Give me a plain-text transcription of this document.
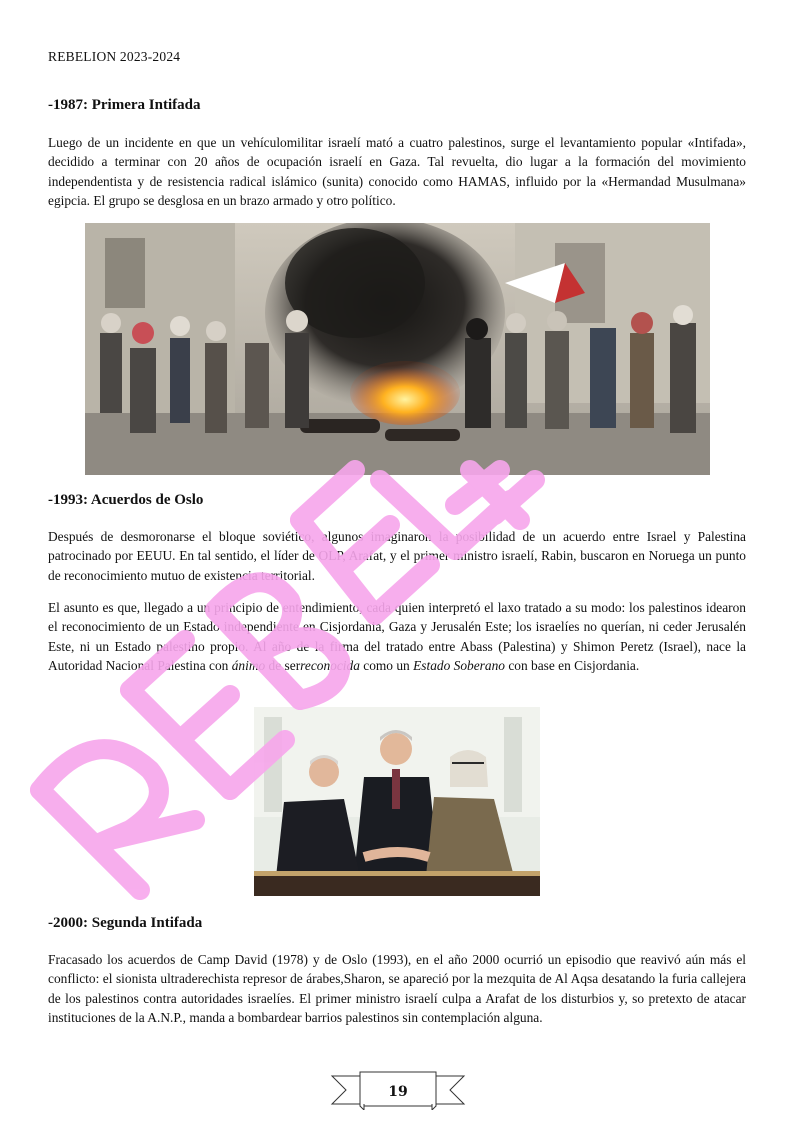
REBELION 2023-2024
-1987: Primera Intifada

Luego de un incidente en que un vehículomilitar israelí mató a cuatro palestinos, surge el levantamiento popular «Intifada», decidido a terminar con 20 años de ocupación israelí en Gaza. Tal revuelta, dio lugar a la formación del movimiento independentista y de resistencia radical islámico (sunita) conocido como HAMAS, influido por la «Hermandad Musulmana» egipcia. El grupo se desglosa en un brazo armado y otro político.

-1993: Acuerdos de Oslo

Después de desmoronarse el bloque soviético, algunos imaginaron la posibilidad de un acuerdo entre Israel y Palestina patrocinado por EEUU. En tal sentido, el líder de OLP, Arafat, y el primer ministro israelí, Rabin, buscaron en Noruega un punto de reconocimiento mutuo de existencia territorial.

El asunto es que, llegado a un principio de entendimiento, cada quien interpretó el laxo tratado a su modo: los palestinos idearon el reconocimiento de un Estado independiente en Cisjordania, Gaza y Jerusalén Este; los israelíes no querían, ni ceder Jerusalén Este, ni un Estado palestino propio. Al año de la firma del tratado entre Abass (Palestina) y Shimon Peretz (Israel), nace la Autoridad Nacional Palestina con ánimo de serreconocida como un Estado Soberano con base en Cisjordania.

-2000: Segunda Intifada

Fracasado los acuerdos de Camp David (1978) y de Oslo (1993), en el año 2000 ocurrió un episodio que reavivó aún más el conflicto: el sionista ultraderechista represor de árabes,Sharon, se apareció por la mezquita de Al Aqsa desatando la furia callejera de los palestinos contra autoridades israelíes. El primer ministro israelí culpa a Arafat de los disturbios y, so pretexto de atacar instituciones de la A.N.P., manda a bombardear barrios palestinos sin contemplación alguna.

19
